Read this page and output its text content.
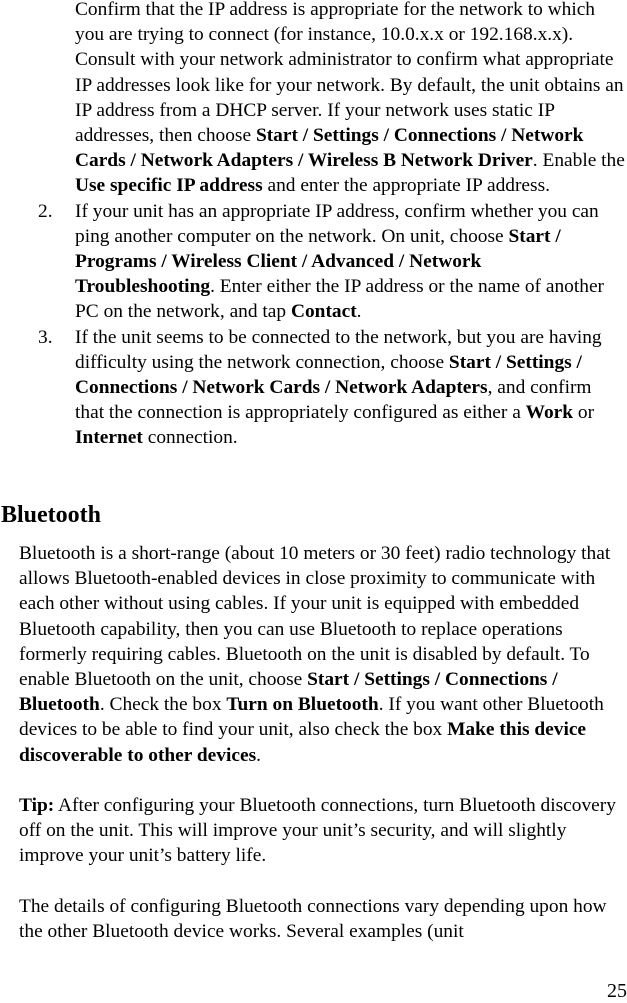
Confirm that the IP address is appropriate for the network to which you are trying to connect (for instance, 10.0.x.x or 192.168.x.x). Consult with your network administrator to confirm what appropriate IP addresses look like for your network. By default, the unit obtains an IP address from a DHCP server. If your network uses static IP addresses, then choose Start / Settings / Connections / Network Cards / Network Adapters / Wireless B Network Driver. Enable the Use specific IP address and enter the appropriate IP address.
2. If your unit has an appropriate IP address, confirm whether you can ping another computer on the network. On unit, choose Start / Programs / Wireless Client / Advanced / Network Troubleshooting. Enter either the IP address or the name of another PC on the network, and tap Contact.
3. If the unit seems to be connected to the network, but you are having difficulty using the network connection, choose Start / Settings / Connections / Network Cards / Network Adapters, and confirm that the connection is appropriately configured as either a Work or Internet connection.
Bluetooth

Bluetooth is a short-range (about 10 meters or 30 feet) radio technology that allows Bluetooth-enabled devices in close proximity to communicate with each other without using cables. If your unit is equipped with embedded Bluetooth capability, then you can use Bluetooth to replace operations formerly requiring cables. Bluetooth on the unit is disabled by default. To enable Bluetooth on the unit, choose Start / Settings / Connections / Bluetooth. Check the box Turn on Bluetooth. If you want other Bluetooth devices to be able to find your unit, also check the box Make this device discoverable to other devices.

Tip: After configuring your Bluetooth connections, turn Bluetooth discovery off on the unit. This will improve your unit’s security, and will slightly improve your unit’s battery life.

The details of configuring Bluetooth connections vary depending upon how the other Bluetooth device works. Several examples (unit

25
